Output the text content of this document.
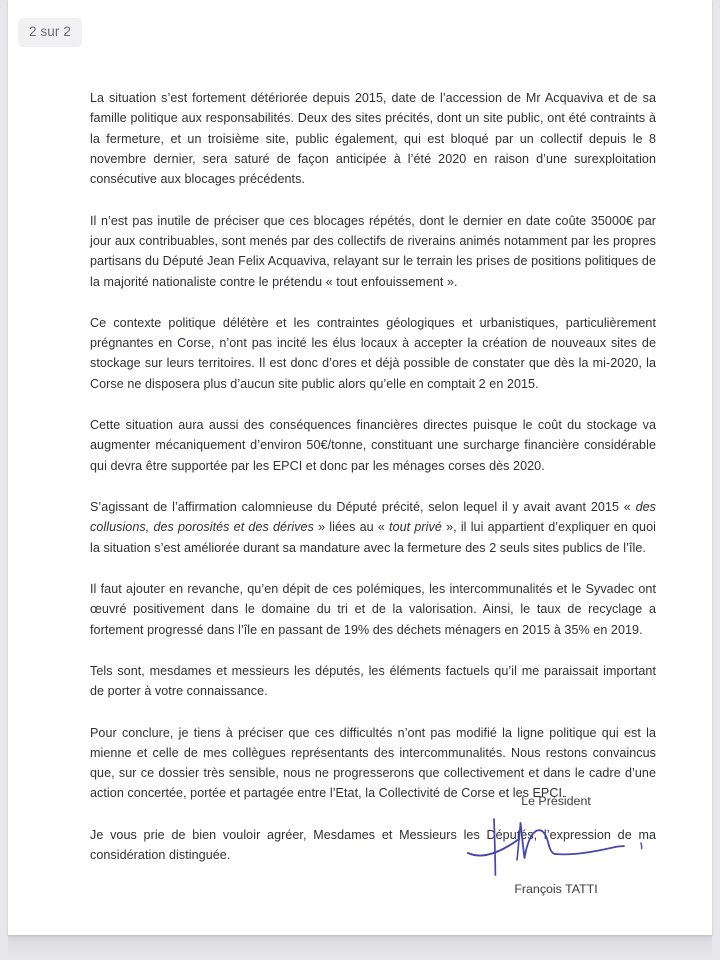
La situation s’est fortement détériorée depuis 2015, date de l’accession de Mr Acquaviva et de sa famille politique aux responsabilités. Deux des sites précités, dont un site public, ont été contraints à la fermeture, et un troisième site, public également, qui est bloqué par un collectif depuis le 8 novembre dernier, sera saturé de façon anticipée à l’été 2020 en raison d’une surexploitation consécutive aux blocages précédents.

Il n’est pas inutile de préciser que ces blocages répétés, dont le dernier en date coûte 35000€ par jour aux contribuables, sont menés par des collectifs de riverains animés notamment par les propres partisans du Député Jean Felix Acquaviva, relayant sur le terrain les prises de positions politiques de la majorité nationaliste contre le prétendu « tout enfouissement ».

Ce contexte politique délétère et les contraintes géologiques et urbanistiques, particulièrement prégnantes en Corse, n’ont pas incité les élus locaux à accepter la création de nouveaux sites de stockage sur leurs territoires. Il est donc d’ores et déjà possible de constater que dès la mi-2020, la Corse ne disposera plus d’aucun site public alors qu’elle en comptait 2 en 2015.

Cette situation aura aussi des conséquences financières directes puisque le coût du stockage va augmenter mécaniquement d’environ 50€/tonne, constituant une surcharge financière considérable qui devra être supportée par les EPCI et donc par les ménages corses dès 2020.

S’agissant de l’affirmation calomnieuse du Député précité, selon lequel il y avait avant 2015 « des collusions, des porosités et des dérives » liées au « tout privé », il lui appartient d’expliquer en quoi la situation s’est améliorée durant sa mandature avec la fermeture des 2 seuls sites publics de l’île.

Il faut ajouter en revanche, qu’en dépit de ces polémiques, les intercommunalités et le Syvadec ont œuvré positivement dans le domaine du tri et de la valorisation. Ainsi, le taux de recyclage a fortement progressé dans l’île en passant de 19% des déchets ménagers en 2015 à 35% en 2019.

Tels sont, mesdames et messieurs les députés, les éléments factuels qu’il me paraissait important de porter à votre connaissance.

Pour conclure, je tiens à préciser que ces difficultés n’ont pas modifié la ligne politique qui est la mienne et celle de mes collègues représentants des intercommunalités. Nous restons convaincus que, sur ce dossier très sensible, nous ne progresserons que collectivement et dans le cadre d’une action concertée, portée et partagée entre l’Etat, la Collectivité de Corse et les EPCI.

Je vous prie de bien vouloir agréer, Mesdames et Messieurs les Députés, l’expression de ma considération distinguée.

Le Président

François TATTI

2 sur 2
